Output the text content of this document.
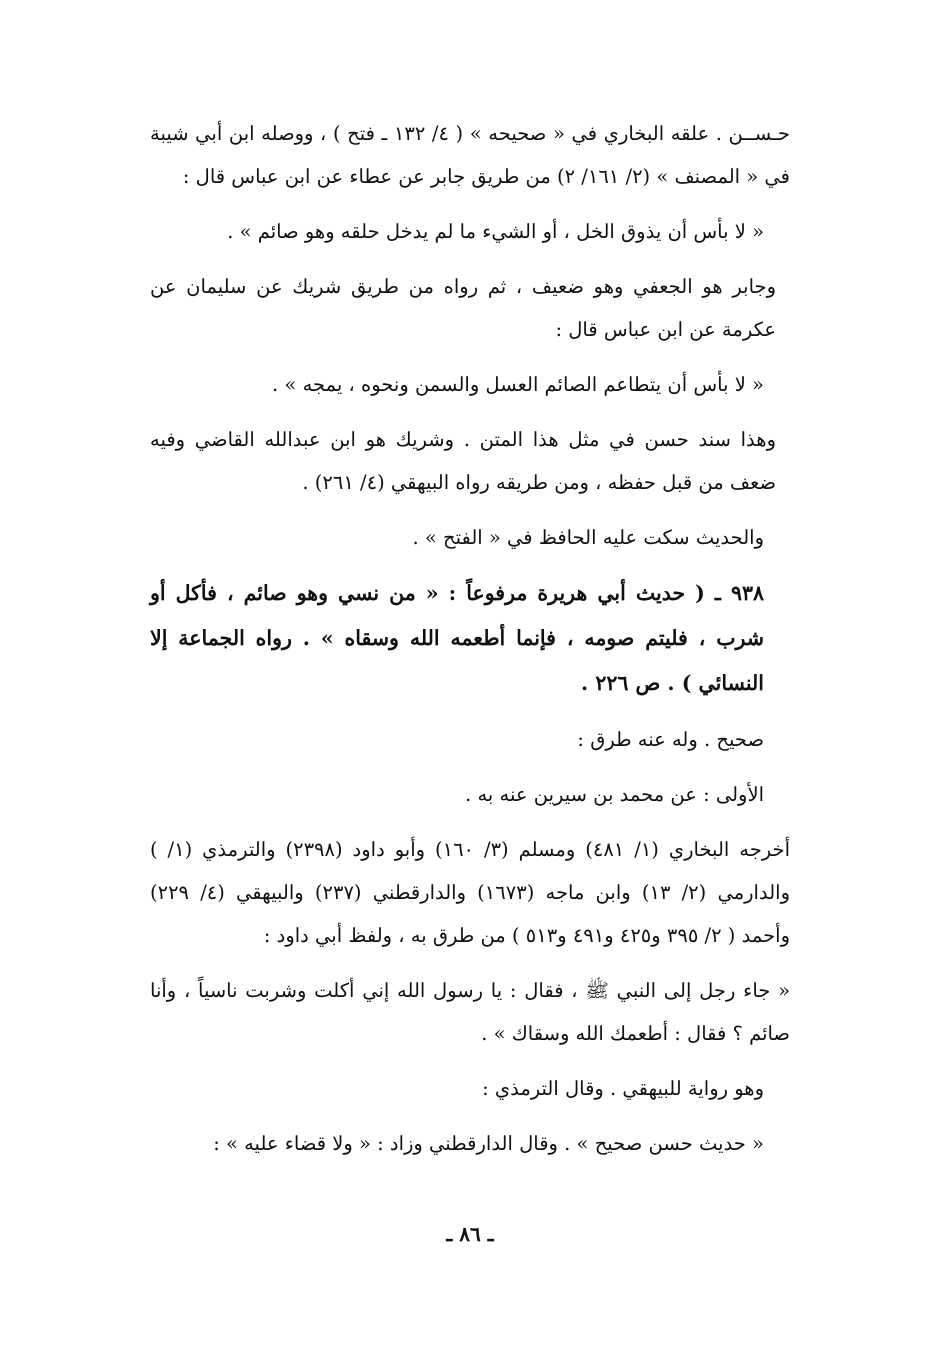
حـســن . علقه البخاري في « صحيحه » ( ٤/ ١٣٢ ـ فتح ) ، ووصله ابن أبي شيبة في « المصنف » (٢/ ١٦١/ ٢) من طريق جابر عن عطاء عن ابن عباس قال :

« لا بأس أن يذوق الخل ، أو الشيء ما لم يدخل حلقه وهو صائم » .

وجابر هو الجعفي وهو ضعيف ، ثم رواه من طريق شريك عن سليمان عن عكرمة عن ابن عباس قال :

« لا بأس أن يتطاعم الصائم العسل والسمن ونحوه ، يمجه » .

وهذا سند حسن في مثل هذا المتن . وشريك هو ابن عبدالله القاضي وفيه ضعف من قبل حفظه ، ومن طريقه رواه البيهقي (٤/ ٢٦١) .

والحديث سكت عليه الحافظ في « الفتح » .

٩٣٨ ـ ( حديث أبي هريرة مرفوعاً : « من نسي وهو صائم ، فأكل أو شرب ، فليتم صومه ، فإنما أطعمه الله وسقاه » . رواه الجماعة إلا النسائي ) . ص ٢٢٦ .

صحيح . وله عنه طرق :

الأولى : عن محمد بن سيرين عنه به .

أخرجه البخاري (١/ ٤٨١) ومسلم (٣/ ١٦٠) وأبو داود (٢٣٩٨) والترمذي (١/ ) والدارمي (٢/ ١٣) وابن ماجه (١٦٧٣) والدارقطني (٢٣٧) والبيهقي (٤/ ٢٢٩) وأحمد ( ٢/ ٣٩٥ و٤٢٥ و٤٩١ و٥١٣ ) من طرق به ، ولفظ أبي داود :

« جاء رجل إلى النبي ﷺ ، فقال : يا رسول الله إني أكلت وشربت ناسياً ، وأنا صائم ؟ فقال : أطعمك الله وسقاك » .

وهو رواية للبيهقي . وقال الترمذي :

« حديث حسن صحيح » . وقال الدارقطني وزاد : « ولا قضاء عليه » :

ـ ٨٦ ـ
